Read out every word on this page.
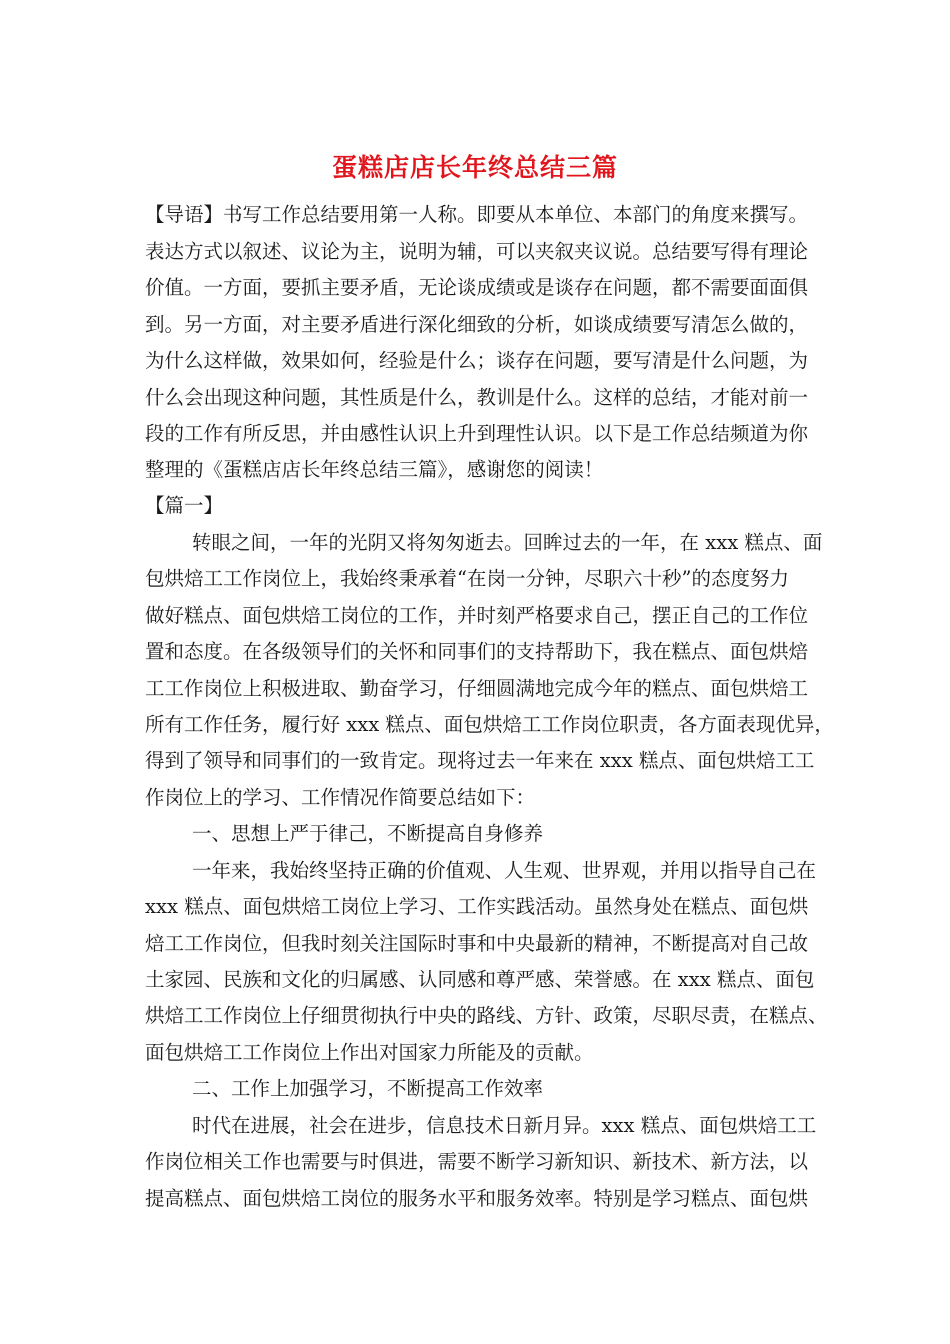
蛋糕店店长年终总结三篇
【导语】书写工作总结要用第一人称。即要从本单位、本部门的角度来撰写。
表达方式以叙述、议论为主，说明为辅，可以夹叙夹议说。总结要写得有理论
价值。一方面，要抓主要矛盾，无论谈成绩或是谈存在问题，都不需要面面俱
到。另一方面，对主要矛盾进行深化细致的分析，如谈成绩要写清怎么做的，
为什么这样做，效果如何，经验是什么；谈存在问题，要写清是什么问题，为
什么会出现这种问题，其性质是什么，教训是什么。这样的总结，才能对前一
段的工作有所反思，并由感性认识上升到理性认识。以下是工作总结频道为你
整理的《蛋糕店店长年终总结三篇》，感谢您的阅读！
【篇一】
转眼之间，一年的光阴又将匆匆逝去。回眸过去的一年，在 xxx 糕点、面
包烘焙工工作岗位上，我始终秉承着“在岗一分钟，尽职六十秒”的态度努力
做好糕点、面包烘焙工岗位的工作，并时刻严格要求自己，摆正自己的工作位
置和态度。在各级领导们的关怀和同事们的支持帮助下，我在糕点、面包烘焙
工工作岗位上积极进取、勤奋学习，仔细圆满地完成今年的糕点、面包烘焙工
所有工作任务，履行好 xxx 糕点、面包烘焙工工作岗位职责，各方面表现优异，
得到了领导和同事们的一致肯定。现将过去一年来在 xxx 糕点、面包烘焙工工
作岗位上的学习、工作情况作简要总结如下：
一、思想上严于律己，不断提高自身修养
一年来，我始终坚持正确的价值观、人生观、世界观，并用以指导自己在
xxx 糕点、面包烘焙工岗位上学习、工作实践活动。虽然身处在糕点、面包烘
焙工工作岗位，但我时刻关注国际时事和中央最新的精神，不断提高对自己故
土家园、民族和文化的归属感、认同感和尊严感、荣誉感。在 xxx 糕点、面包
烘焙工工作岗位上仔细贯彻执行中央的路线、方针、政策，尽职尽责，在糕点、
面包烘焙工工作岗位上作出对国家力所能及的贡献。
二、工作上加强学习，不断提高工作效率
时代在进展，社会在进步，信息技术日新月异。xxx 糕点、面包烘焙工工
作岗位相关工作也需要与时俱进，需要不断学习新知识、新技术、新方法，以
提高糕点、面包烘焙工岗位的服务水平和服务效率。特别是学习糕点、面包烘
